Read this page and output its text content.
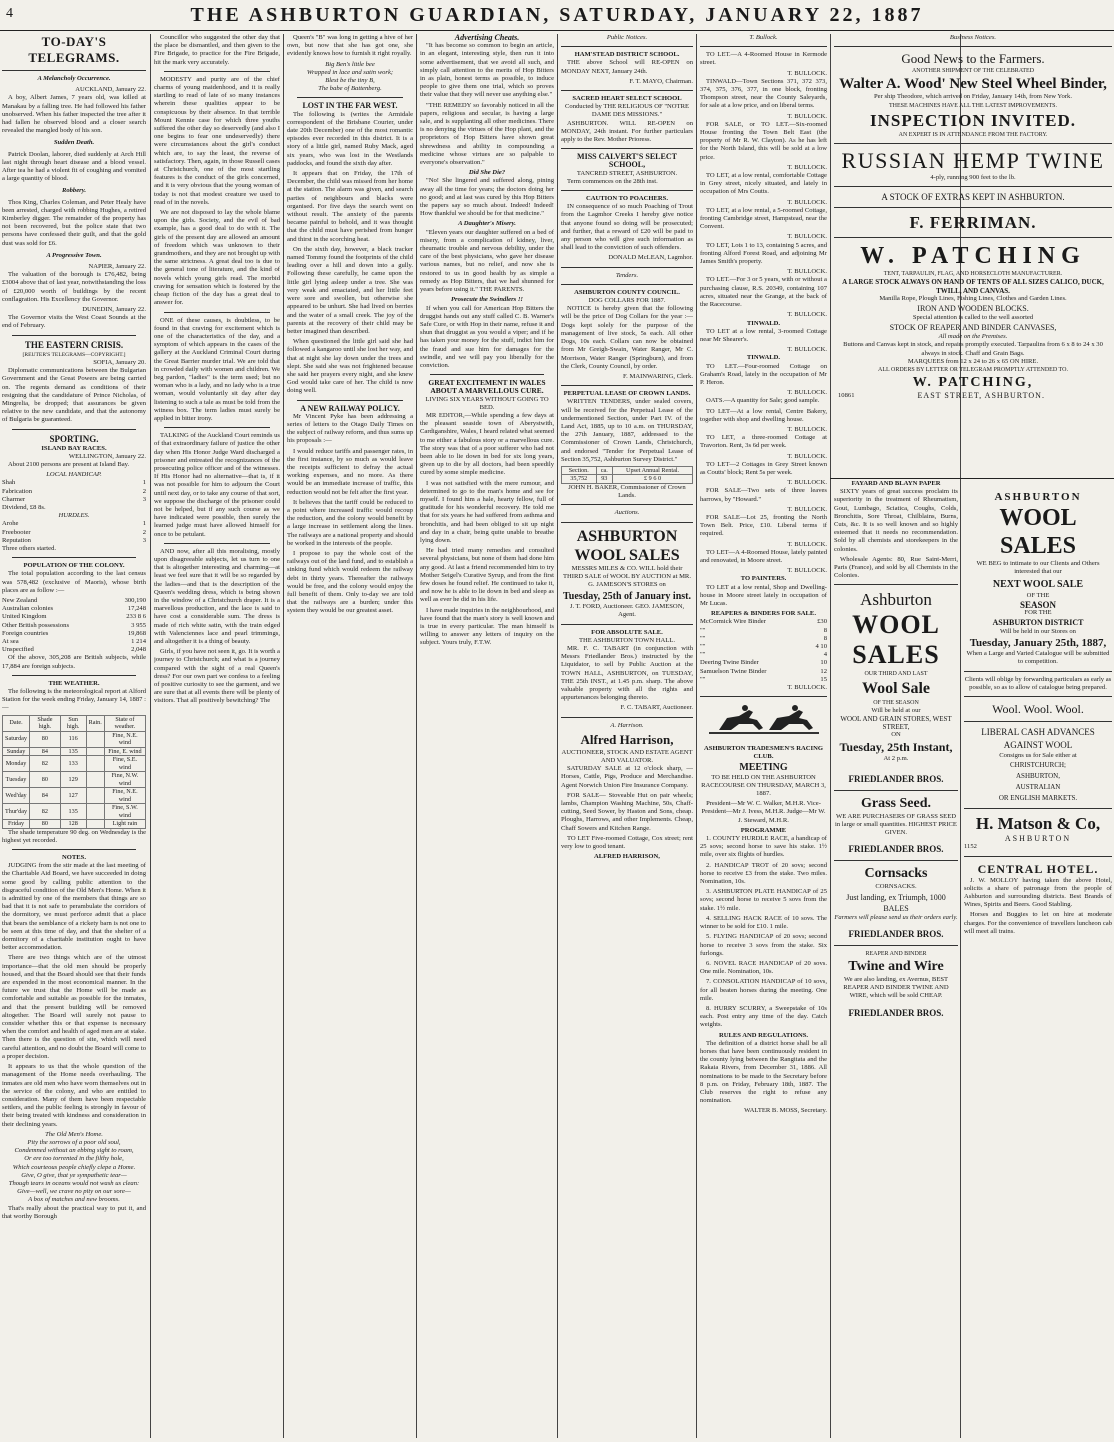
4	THE ASHBURTON GUARDIAN, SATURDAY, JANUARY 22, 1887
TO-DAY'S TELEGRAMS.
A Melancholy Occurrence.
AUCKLAND, January 22.

A boy, Albert James, 7 years old, was killed at Manakau by a falling tree. He had followed his father unobserved. When his father inspected the tree after it had fallen he observed blood and a closer search revealed the mangled body of his son.

Sudden Death.

Patrick Doolan, laborer, died suddenly at Arch Hill last night through heart disease and a blood vessel. After tea he had a violent fit of coughing and vomited a large quantity of blood.

Robbery.

Thos King, Charles Coleman, and Peter Healy have been arrested, charged with robbing Hughes, a retired Kimberley digger. The remainder of the property has not been recovered, but the police state that two persons have confessed their guilt, and that the gold dust was sold for £6.

A Progressive Town.
NAPIER, January 22.

The valuation of the borough is £76,482, being £3004 above that of last year, notwithstanding the loss of £20,000 worth of buildings by the recent conflagration. His Excellency the Governor.

DUNEDIN, January 22.

The Governor visits the West Coast Sounds at the end of February.

THE EASTERN CRISIS.
[REUTER'S TELEGRAMS—COPYRIGHT.]
SOFIA, January 20.

Diplomatic communications between the Bulgarian Government and the Great Powers are being carried on. The regents demand as conditions of their resigning that the candidature of Prince Nicholas, of Mingrelia, be dropped; that assurances be given relative to the new candidate, and that the autonomy of Bulgaria be guaranteed.

SPORTING.
ISLAND BAY RACES.
WELLINGTON, January 22.

About 2100 persons are present at Island Bay.

LOCAL HANDICAP.
Shah	1
Fabrication	2
Charmer	3
Dividend, £8 8s.
HURDLES.
Arohe	1
Freebooter	2
Reputation	3
Three others started.
POPULATION OF THE COLONY.

The total population according to the last census was 578,482 (exclusive of Maoris), whose birth places are as follow :—

New Zealand	300,190
Australian colonies	17,248
United Kingdom	233 8 6
Other British possessions	3 955
Foreign countries	19,868
At sea	1 214
Unspecified	2,048

Of the above, 305,208 are British subjects, while 17,884 are foreign subjects.

THE WEATHER.

The following is the meteorological report at Alford Station for the week ending Friday, January 14, 1887 :—

Date.	Shade high.	Sun high.	Rain.	State of weather.
Saturday	80	116		Fine, N.E. wind
Sunday	84	135		Fine, E. wind
Monday	82	133		Fine, S.E. wind
Tuesday	80	129		Fine, N.W. wind
Wed'day	84	127		Fine, N.E. wind
Thur'day	82	135		Fine, S.W. wind
Friday	80	128		Light rain

The shade temperature 90 deg. on Wednesday is the highest yet recorded.

NOTES.

JUDGING from the stir made at the last meeting of the Charitable Aid Board, we have succeeded in doing some good by calling public attention to the disgraceful condition of the Old Men's Home. When it is admitted by one of the members that things are so bad that it is not safe to perambulate the corridors of the dormitory, we must perforce admit that a place that bears the semblance of a rickety barn is not one to be seen at this time of day, and that the shelter of a dormitory of a charitable institution ought to have better accommodation.

There are two things which are of the utmost importance—that the old men should be properly housed, and that the Board should see that their funds are expended in the most economical manner. In the future we trust that the Home will be made as comfortable and suitable as possible for the inmates, and that the present building will be removed altogether. The Board will surely not pause to consider whether this or that expense is necessary when the comfort and health of aged men are at stake. Then there is the question of site, which will need careful attention, and no doubt the Board will come to a proper decision.

It appears to us that the whole question of the management of the Home needs overhauling. The inmates are old men who have worn themselves out in the service of the colony, and who are entitled to consideration. Many of them have been respectable settlers, and the public feeling is strongly in favour of their being treated with kindness and consideration in their declining years.

The Old Men's Home.
Pity the sorrows of a poor old soul,
Condemned without an ebbing sight to roam,
Or ere too torrented in the filthy hole,
Which courteous people chiefly clepe a Home.
Give, O give, that ye sympathetic tear—
Though tears in oceans would not wash us clean:
Give—well, we crave no pity on our sore—
A box of matches and new brooms.

That's really about the practical way to put it, and that worthy Borough

Councillor who suggested the other day that the place be dismantled, and then given to the Fire Brigade, to practice for the Fire Brigade, hit the mark very accurately.

MODESTY and purity are of the chief charms of young maidenhood, and it is really startling to read of late of so many instances wherein these qualities appear to be conspicuous by their absence. In that terrible Mount Kennie case for which three youths suffered the other day so deservedly (and also I one begins to fear one undeservedly) there were circumstances about the girl's conduct which are, to say the least, the reverse of satisfactory. Then, again, in those Russell cases at Christchurch, one of the most startling features is the conduct of the girls concerned, and it is very obvious that the young woman of today is not that modest creature we used to read of in the novels.

We are not disposed to lay the whole blame upon the girls. Society, and the evil of bad example, has a good deal to do with it. The girls of the present day are allowed an amount of freedom which was unknown to their grandmothers, and they are not brought up with the same strictness. A great deal too is due to the general tone of literature, and the kind of novels which young girls read. The morbid craving for sensation which is fostered by the cheap fiction of the day has a great deal to answer for.

ONE of these causes, is doubtless, to be found in that craving for excitement which is one of the characteristics of the day, and a symptom of which appears in the cases of the gallery at the Auckland Criminal Court during the Great Barrier murder trial. We are told that in crowded daily with women and children. We beg pardon, "ladies" is the term used; but no woman who is a lady, and no lady who is a true woman, would voluntarily sit day after day listening to such a tale as must be told from the witness box. The term ladies must surely be applied in bitter irony.

TALKING of the Auckland Court reminds us of that extraordinary failure of justice the other day when His Honor Judge Ward discharged a prisoner and entreated the recognizances of the prosecuting police officer and of the witnesses. If His Honor had no alternative—that is, if it was not possible for him to adjourn the Court until next day, or to take any course of that sort, we suppose the discharge of the prisoner could not be helped, but if any such course as we have indicated were possible, then surely the learned judge must have allowed himself for once to be petulant.

AND now, after all this moralising, mostly upon disagreeable subjects, let us turn to one that is altogether interesting and charming—at least we feel sure that it will be so regarded by the ladies—and that is the description of the Queen's wedding dress, which is being shown in the window of a Christchurch draper. It is a marvellous production, and the lace is said to have cost a considerable sum. The dress is made of rich white satin, with the train edged with Valenciennes lace and pearl trimmings, and altogether it is a thing of beauty.

Girls, if you have not seen it, go. It is worth a journey to Christchurch; and what is a journey compared with the sight of a real Queen's dress? For our own part we confess to a feeling of positive curiosity to see the garment, and we are sure that at all events there will be plenty of visitors. That all positively bewitching? The

Queen's "B" was long in getting a hive of her own, but now that she has got one, she evidently knows how to furnish it right royally.

Big Ben's little bee
Wrapped in lace and satin work;
Blest be the tiny B,
The babe of Battenberg.
LOST IN THE FAR WEST.

The following is (writes the Armidale correspondent of the Brisbane Courier, under date 20th December) one of the most romantic episodes ever recorded in this district. It is a story of a little girl, named Ruby Mack, aged six years, who was lost in the Westlands paddocks, and found the sixth day after.

It appears that on Friday, the 17th of December, the child was missed from her home at the station. The alarm was given, and search parties of neighbours and blacks were organised. For five days the search went on without result. The anxiety of the parents became painful to behold, and it was thought that the child must have perished from hunger and thirst in the scorching heat.

On the sixth day, however, a black tracker named Tommy found the footprints of the child leading over a hill and down into a gully. Following these carefully, he came upon the little girl lying asleep under a tree. She was very weak and emaciated, and her little feet were sore and swollen, but otherwise she appeared to be unhurt. She had lived on berries and the water of a small creek. The joy of the parents at the recovery of their child may be better imagined than described.

When questioned the little girl said she had followed a kangaroo until she lost her way, and that at night she lay down under the trees and slept. She said she was not frightened because she said her prayers every night, and she knew God would take care of her. The child is now doing well.

A NEW RAILWAY POLICY.

Mr Vincent Pyke has been addressing a series of letters to the Otago Daily Times on the subject of railway reform, and thus sums up his proposals :—

I would reduce tariffs and passenger rates, in the first instance, by so much as would leave the receipts sufficient to defray the actual working expenses, and no more. As there would be an immediate increase of traffic, this reduction would not be felt after the first year.

It believes that the tariff could be reduced to a point where increased traffic would recoup the reduction, and the colony would benefit by a large increase in settlement along the lines. The railways are a national property and should be worked in the interests of the people.

I propose to pay the whole cost of the railways out of the land fund, and to establish a sinking fund which would redeem the railway debt in thirty years. Thereafter the railways would be free, and the colony would enjoy the full benefit of them. Only to-day we are told that the railways are a burden; under this system they would be our greatest asset.

Advertising Cheats.

"It has become so common to begin an article, in an elegant, interesting style, then run it into some advertisement, that we avoid all such, and simply call attention to the merits of Hop Bitters in as plain, honest terms as possible, to induce people to give them one trial, which so proves their value that they will never use anything else."

"THE REMEDY so favorably noticed in all the papers, religious and secular, is having a large sale, and is supplanting all other medicines. There is no denying the virtues of the Hop plant, and the proprietors of Hop Bitters have shown great shrewdness and ability in compounding a medicine whose virtues are so palpable to everyone's observation."

Did She Die?

"No! She lingered and suffered along, pining away all the time for years; the doctors doing her no good; and at last was cured by this Hop Bitters the papers say so much about. Indeed! Indeed! How thankful we should be for that medicine."

A Daughter's Misery.

"Eleven years our daughter suffered on a bed of misery, from a complication of kidney, liver, rheumatic trouble and nervous debility, under the care of the best physicians, who gave her disease various names, but no relief, and now she is restored to us in good health by as simple a remedy as Hop Bitters, that we had shunned for years before using it." THE PARENTS.

Prosecute the Swindlers !!

If when you call for American Hop Bitters the druggist hands out any stuff called C. B. Warner's Safe Cure, or with Hop in their name, refuse it and shun that druggist as you would a viper; and if he has taken your money for the stuff, indict him for the fraud and sue him for damages for the swindle, and we will pay you liberally for the conviction.

GREAT EXCITEMENT IN WALES ABOUT A MARVELLOUS CURE.
LIVING SIX YEARS WITHOUT GOING TO BED.

MR EDITOR,—While spending a few days at the pleasant seaside town of Aberystwith, Cardiganshire, Wales, I heard related what seemed to me either a fabulous story or a marvellous cure. The story was that of a poor sufferer who had not been able to lie down in bed for six long years, given up to die by all doctors, had been speedily cured by some simple medicine.

I was not satisfied with the mere rumour, and determined to go to the man's home and see for myself. I found him a hale, hearty fellow, full of gratitude for his wonderful recovery. He told me that for six years he had suffered from asthma and bronchitis, and had been obliged to sit up night and day in a chair, being quite unable to breathe lying down.

He had tried many remedies and consulted several physicians, but none of them had done him any good. At last a friend recommended him to try Mother Seigel's Curative Syrup, and from the first few doses he found relief. He continued to take it, and now he is able to lie down in bed and sleep as well as ever he did in his life.

I have made inquiries in the neighbourhood, and have found that the man's story is well known and is true in every particular. The man himself is willing to answer any letters of inquiry on the subject. Yours truly, F.T.W.

Public Notices.
HAM'STEAD DISTRICT SCHOOL.

THE above School will RE-OPEN on MONDAY NEXT, January 24th.

F. T. MAYO, Chairman.
SACRED HEART SELECT SCHOOL
Conducted by THE RELIGIOUS OF "NOTRE DAME DES MISSIONS."

ASHBURTON. WILL RE-OPEN on MONDAY, 24th instant. For further particulars apply to the Rev. Mother Prioress.

MISS CALVERT'S SELECT SCHOOL,
TANCRED STREET, ASHBURTON.

Term commences on the 28th inst.

CAUTION TO POACHERS.

IN consequence of so much Poaching of Trout from the Lagmhor Creeks I hereby give notice that anyone found so doing will be prosecuted; and further, that a reward of £20 will be paid to any person who will give such information as shall lead to the conviction of such offenders.

DONALD McLEAN, Lagmhor.
Tenders.
ASHBURTON COUNTY COUNCIL.
DOG COLLARS FOR 1887.

NOTICE is hereby given that the following will be the price of Dog Collars for the year :— Dogs kept solely for the purpose of the management of live stock, 5s each. All other Dogs, 10s each. Collars can now be obtained from Mr Greigh-Swain, Water Ranger, Mr C. Morrison, Water Ranger (Springburn), and from the Clerk, County Council, by order.

F. MAINWARING, Clerk.
PERPETUAL LEASE OF CROWN LANDS.

WRITTEN TENDERS, under sealed covers, will be received for the Perpetual Lease of the undermentioned Section, under Part IV. of the Land Act, 1885, up to 10 a.m. on THURSDAY, the 27th January, 1887, addressed to the Commissioner of Crown Lands, Christchurch, and endorsed "Tender for Perpetual Lease of Section 35,752, Ashburton Survey District."

Section.	ca.	Upset Annual Rental.
35,752	93	£ 9 6 0
JOHN H. BAKER, Commissioner of Crown Lands.
Auctions.
ASHBURTON WOOL SALES

MESSRS MILES & CO. WILL hold their THIRD SALE of WOOL BY AUCTION at MR. G. JAMESON'S STORES on

Tuesday, 25th of January inst.
J. T. FORD, Auctioneer. GEO. JAMESON, Agent.
FOR ABSOLUTE SALE.
THE ASHBURTON TOWN HALL.

MR. F. C. TABART (in conjunction with Messrs Friedlander Bros.) instructed by the Liquidator, to sell by Public Auction at the TOWN HALL, ASHBURTON, on TUESDAY, THE 25th INST., at 1.45 p.m. sharp. The above valuable property with all the rights and appurtenances belonging thereto.

F. C. TABART, Auctioneer.
A. Harrison.
Alfred Harrison,
AUCTIONEER, STOCK AND ESTATE AGENT AND VALUATOR.

SATURDAY SALE at 12 o'clock sharp, —Horses, Cattle, Pigs, Produce and Merchandise. Agent Norwich Union Fire Insurance Company.

FOR SALE— Stoveable Hut on pair wheels; lambs, Champion Washing Machine, 50s, Chaff-cutting, Seed Sower, by Haston and Sons, cheap. Ploughs, Harrows, and other Implements. Cheap, Chaff Sowers and Kitchen Range.

TO LET Five-roomed Cottage, Cox street; rent very low to good tenant.

ALFRED HARRISON,
T. Bullock.

TO LET.—A 4-Roomed House in Kermode street.

T. BULLOCK.

TINWALD—Town Sections 371, 372 373, 374, 375, 376, 377, in one block, fronting Thompson street, near the County Saleyards, for sale at a low price, and on liberal terms.

T. BULLOCK.

FOR SALE, or TO LET.—Six-roomed House fronting the Town Belt East (the property of Mr R. W. Clayton). As he has left for the North Island, this will be sold at a low price.

T. BULLOCK.

TO LET, at a low rental, comfortable Cottage in Grey street, nicely situated, and lately in occupation of Mrs Coutts.

T. BULLOCK.

TO LET, at a low rental, a 5-roomed Cottage, fronting Cambridge street, Hampstead, near the Convent.

T. BULLOCK.

TO LET, Lots 1 to 13, containing 5 acres, and fronting Alford Forest Road, and adjoining Mr James Smith's property.

T. BULLOCK.

TO LET.—For 3 or 5 years, with or without a purchasing clause, R.S. 20349, containing 107 acres, situated near the Grange, at the back of the Racecourse.

T. BULLOCK.
TINWALD.

TO LET at a low rental, 3-roomed Cottage near Mr Shearer's.

T. BULLOCK.
TINWALD.

TO LET.—Four-roomed Cottage on Graham's Road, lately in the occupation of Mr P. Heron.

T. BULLOCK.

OATS.—A quantity for Sale; good sample.

TO LET—At a low rental, Centre Bakery, together with shop and dwelling house.

T. BULLOCK.

TO LET, a three-roomed Cottage at Travorton. Rent, 3s 6d per week.

T. BULLOCK.

TO LET—2 Cottages in Grey Street known as Coutts' block; Rent 5s per week.

T. BULLOCK.

FOR SALE—Two sets of three leaves harrows, by "Howard."

T. BULLOCK.

FOR SALE—Lot 25, fronting the North Town Belt. Price, £10. Liberal terms if required.

T. BULLOCK.

TO LET—A 4-Roomed House, lately painted and renovated, in Moore street.

T. BULLOCK.
TO PAINTERS.

TO LET at a low rental, Shop and Dwelling-house in Moore street lately in occupation of Mr Lucas.

REAPERS & BINDERS FOR SALE.
McCormick Wire Binder	£30
""	8
""	8
""	4 10
""	4
Deering Twine Binder	10
Samuelson Twine Binder	12
""	15
T. BULLOCK.
ASHBURTON TRADESMEN'S RACING CLUB.
MEETING

TO BE HELD ON THE ASHBURTON RACECOURSE ON THURSDAY, MARCH 3, 1887.

President—Mr W. C. Walker, M.H.R. Vice-President—Mr J. Ivess, M.H.R. Judge—Mr W. J. Steward, M.H.R.

PROGRAMME

1. COUNTY HURDLE RACE, a handicap of 25 sovs; second horse to save his stake. 1½ mile, over six flights of hurdles.

2. HANDICAP TROT of 20 sovs; second horse to receive £3 from the stake. Two miles. Nomination, 10s.

3. ASHBURTON PLATE HANDICAP of 25 sovs; second horse to receive 5 sovs from the stake. 1½ mile.

4. SELLING HACK RACE of 10 sovs. The winner to be sold for £10. 1 mile.

5. FLYING HANDICAP of 20 sovs; second horse to receive 3 sovs from the stake. Six furlongs.

6. NOVEL RACE HANDICAP of 20 sovs. One mile. Nomination, 10s.

7. CONSOLATION HANDICAP of 10 sovs, for all beaten horses during the meeting. One mile.

8. HURRY SCURRY, a Sweepstake of 10s each. Post entry any time of the day. Catch weights.

RULES AND REGULATIONS.

The definition of a district horse shall be all horses that have been continuously resident in the county lying between the Rangitata and the Rakaia Rivers, from December 31, 1886. All nominations to be made to the Secretary before 8 p.m. on Friday, February 18th, 1887. The Club reserves the right to refuse any nomination.

WALTER B. MOSS, Secretary.
Business Notices.
Good News to the Farmers.
ANOTHER SHIPMENT OF THE CELEBRATED
Walter A. Wood' New Steel Wheel Binder,
Per ship Theodore, which arrived on Friday, January 14th, from New York.
THESE MACHINES HAVE ALL THE LATEST IMPROVEMENTS.
INSPECTION INVITED.
AN EXPERT IS IN ATTENDANCE FROM THE FACTORY.
RUSSIAN HEMP TWINE
4-ply, running 900 feet to the lb.
A STOCK OF EXTRAS KEPT IN ASHBURTON.
F. FERRIMAN.
W. PATCHING
TENT, TARPAULIN, FLAG, AND HORSECLOTH MANUFACTURER.
A LARGE STOCK ALWAYS ON HAND OF TENTS OF ALL SIZES CALICO, DUCK, TWILL, AND CANVAS.
Manilla Rope, Plough Lines, Fishing Lines, Clothes and Garden Lines.
IRON AND WOODEN BLOCKS.
Special attention is called to the well assorted
STOCK OF REAPER AND BINDER CANVASES,
All made on the Premises.
Buttons and Canvas kept in stock, and repairs promptly executed. Tarpaulins from 6 x 8 to 24 x 30 always in stock. Chaff and Grain Bags.
MARQUEES from 12 x 24 to 26 x 65 ON HIRE.
ALL ORDERS BY LETTER OR TELEGRAM PROMPTLY ATTENDED TO.
W. PATCHING,
10861	EAST STREET, ASHBURTON.
FAYARD AND BLAYN PAPER

SIXTY years of great success proclaim its superiority in the treatment of Rheumatism, Gout, Lumbago, Sciatica, Coughs, Colds, Bronchitis, Sore Throat, Chilblains, Burns, Cuts, &c. It is so well known and so highly esteemed that it needs no recommendation. Sold by all chemists and storekeepers in the colonies.

Wholesale Agents: 80, Rue Saint-Merri, Paris (France), and sold by all Chemists in the Colonies.

Ashburton
WOOL SALES
OUR THIRD AND LAST
Wool Sale
OF THE SEASON
Will be held at our
WOOL AND GRAIN STORES, WEST STREET,
ON
Tuesday, 25th Instant,
At 2 p.m.
FRIEDLANDER BROS.
Grass Seed.

WE ARE PURCHASERS OF GRASS SEED in large or small quantities. HIGHEST PRICE GIVEN.

FRIEDLANDER BROS.
Cornsacks
CORNSACKS.
Just landing, ex Triumph, 1000 BALES
Farmers will please send us their orders early.
FRIEDLANDER BROS.
REAPER AND BINDER
Twine and Wire

We are also landing, ex Avernus, BEST REAPER AND BINDER TWINE AND WIRE, which will be sold CHEAP.

FRIEDLANDER BROS.
ASHBURTON
WOOL SALES

WE BEG to intimate to our Clients and Others interested that our

NEXT WOOL SALE
OF THE
SEASON
FOR THE
ASHBURTON DISTRICT
Will be held in our Stores on
Tuesday, January 25th, 1887,

When a Large and Varied Catalogue will be submitted to competition.

Clients will oblige by forwarding particulars as early as possible, so as to allow of catalogue being prepared.

Wool. Wool. Wool.
LIBERAL CASH ADVANCES
AGAINST WOOL
Consigns us for Sale either at
CHRISTCHURCH;
ASHBURTON,
AUSTRALIAN
OR ENGLISH MARKETS.
H. Matson & Co,
ASHBURTON
1152
CENTRAL HOTEL.

J. W. MOLLOY having taken the above Hotel, solicits a share of patronage from the people of Ashburton and surrounding districts. Best Brands of Wines, Spirits and Beers. Good Stabling.

Horses and Buggies to let on hire at moderate charges. For the convenience of travellers luncheon cab will meet all trains.
